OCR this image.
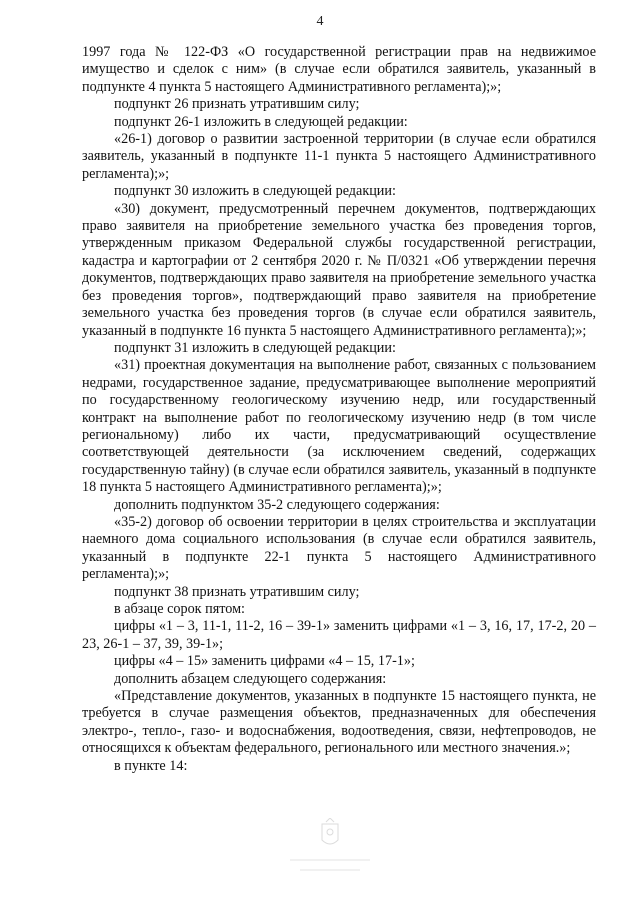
4

1997 года № 122-ФЗ «О государственной регистрации прав на недвижимое имущество и сделок с ним» (в случае если обратился заявитель, указанный в подпункте 4 пункта 5 настоящего Административного регламента);»;

подпункт 26 признать утратившим силу;

подпункт 26-1 изложить в следующей редакции:

«26-1) договор о развитии застроенной территории (в случае если обратился заявитель, указанный в подпункте 11-1 пункта 5 настоящего Административного регламента);»;

подпункт 30 изложить в следующей редакции:

«30) документ, предусмотренный перечнем документов, подтверждающих право заявителя на приобретение земельного участка без проведения торгов, утвержденным приказом Федеральной службы государственной регистрации, кадастра и картографии от 2 сентября 2020 г. № П/0321 «Об утверждении перечня документов, подтверждающих право заявителя на приобретение земельного участка без проведения торгов», подтверждающий право заявителя на приобретение земельного участка без проведения торгов (в случае если обратился заявитель, указанный в подпункте 16 пункта 5 настоящего Административного регламента);»;

подпункт 31 изложить в следующей редакции:

«31) проектная документация на выполнение работ, связанных с пользованием недрами, государственное задание, предусматривающее выполнение мероприятий по государственному геологическому изучению недр, или государственный контракт на выполнение работ по геологическому изучению недр (в том числе региональному) либо их части, предусматривающий осуществление соответствующей деятельности (за исключением сведений, содержащих государственную тайну) (в случае если обратился заявитель, указанный в подпункте 18 пункта 5 настоящего Административного регламента);»;

дополнить подпунктом 35-2 следующего содержания:

«35-2) договор об освоении территории в целях строительства и эксплуатации наемного дома социального использования (в случае если обратился заявитель, указанный в подпункте 22-1 пункта 5 настоящего Административного регламента);»;

подпункт 38 признать утратившим силу;

в абзаце сорок пятом:

цифры «1 – 3, 11-1, 11-2, 16 – 39-1» заменить цифрами «1 – 3, 16, 17, 17-2, 20 – 23, 26-1 – 37, 39, 39-1»;

цифры «4 – 15» заменить цифрами «4 – 15, 17-1»;

дополнить абзацем следующего содержания:

«Представление документов, указанных в подпункте 15 настоящего пункта, не требуется в случае размещения объектов, предназначенных для обеспечения электро-, тепло-, газо- и водоснабжения, водоотведения, связи, нефтепроводов, не относящихся к объектам федерального, регионального или местного значения.»;

в пункте 14:
